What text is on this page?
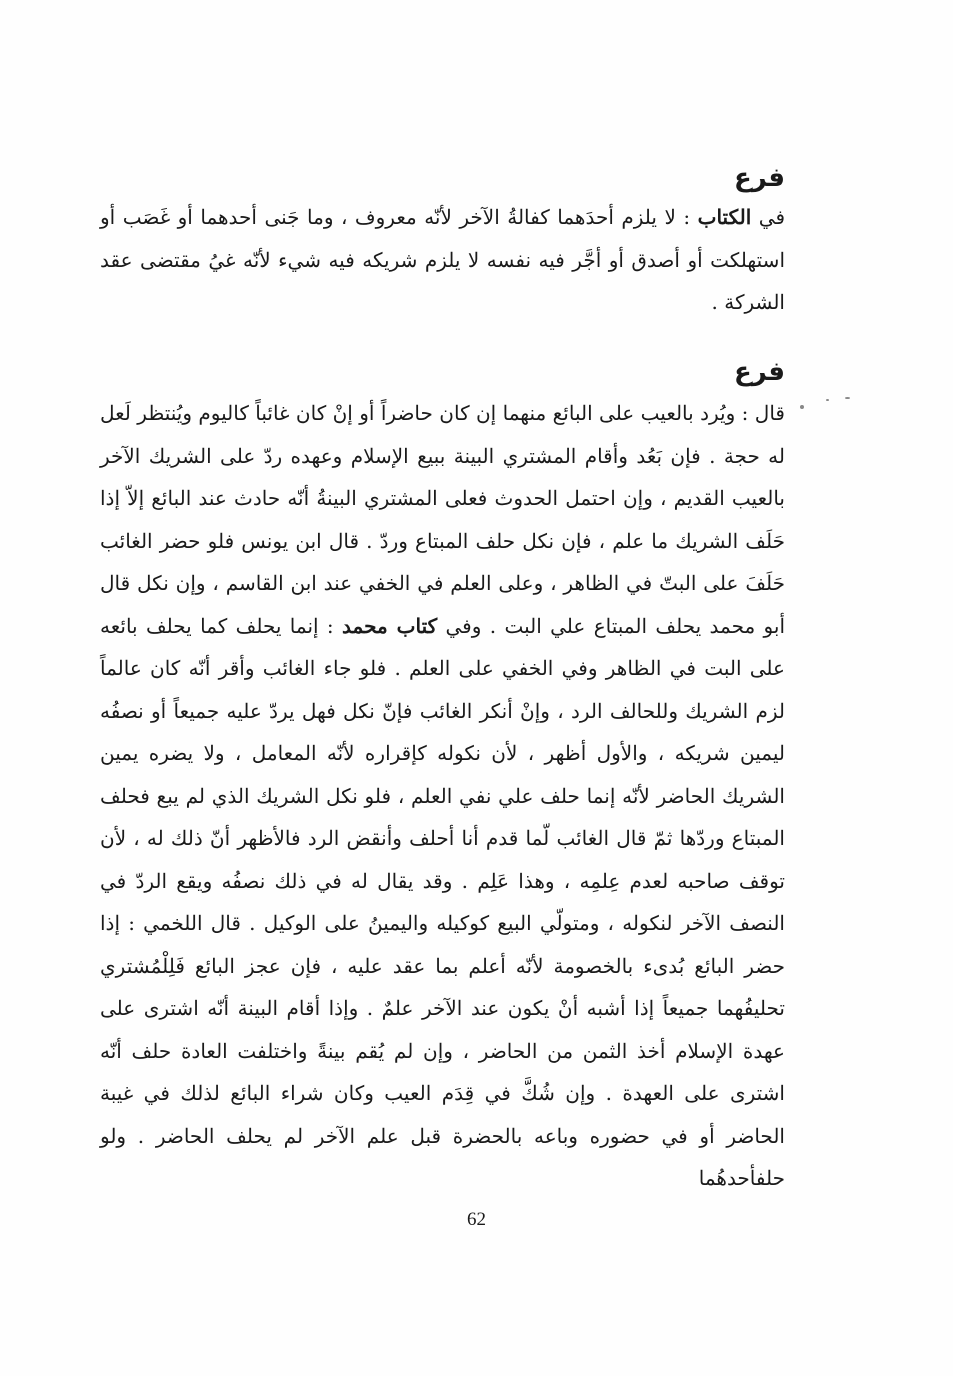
فرع

في الكتاب : لا يلزم أحدَهما كفالةُ الآخر لأنّه معروف ، وما جَنى أحدهما أو غَصَب أو استهلكت أو أصدق أو أجَّر فيه نفسه لا يلزم شريكه فيه شيء لأنّه غيُ مقتضى عقد الشركة .

فرع

قال : ويُرد بالعيب على البائع منهما إن كان حاضراً أو إنْ كان غائباً كاليوم ويُنتظر لَعل له حجة . فإن بَعُد وأقام المشتري البينة ببيع الإسلام وعهده ردّ على الشريك الآخر بالعيب القديم ، وإن احتمل الحدوث فعلى المشتري البينةُ أنّه حادث عند البائع إلاّ إذا حَلَف الشريك ما علم ، فإن نكل حلف المبتاع وردّ . قال ابن يونس فلو حضر الغائب حَلَفَ على البتّ في الظاهر ، وعلى العلم في الخفي عند ابن القاسم ، وإن نكل قال أبو محمد يحلف المبتاع علي البت . وفي كتاب محمد : إنما يحلف كما يحلف بائعه على البت في الظاهر وفي الخفي على العلم . فلو جاء الغائب وأقر أنّه كان عالماً لزم الشريك وللحالف الرد ، وإنْ أنكر الغائب فإنّ نكل فهل يردّ عليه جميعاً أو نصفُه ليمين شريكه ، والأول أظهر ، لأن نكوله كإقراره لأنّه المعامل ، ولا يضره يمين الشريك الحاضر لأنّه إنما حلف علي نفي العلم ، فلو نكل الشريك الذي لم يبع فحلف المبتاع وردّها ثمّ قال الغائب لّما قدم أنا أحلف وأنقض الرد فالأظهر أنّ ذلك له ، لأن توقف صاحبه لعدم عِلمِه ، وهذا عَلِم . وقد يقال له في ذلك نصفُه ويقع الردّ في النصف الآخر لنكوله ، ومتولّي البيع كوكيله واليمينُ على الوكيل . قال اللخمي : إذا حضر البائع بُدىء بالخصومة لأنّه أعلم بما عقد عليه ، فإن عجز البائع فَلِلْمُشتري تحليفُهما جميعاً إذا أشبه أنْ يكون عند الآخر علمٌ . وإذا أقام البينة أنّه اشترى على عهدة الإسلام أخذ الثمن من الحاضر ، وإن لم يُقم بينةً واختلفت العادة حلف أنّه اشترى على العهدة . وإن شُكَّ في قِدَم العيب وكان شراء البائع لذلك في غيبة الحاضر أو في حضوره وباعه بالحضرة قبل علم الآخر لم يحلف الحاضر . ولو حلفأحدهُما

62
